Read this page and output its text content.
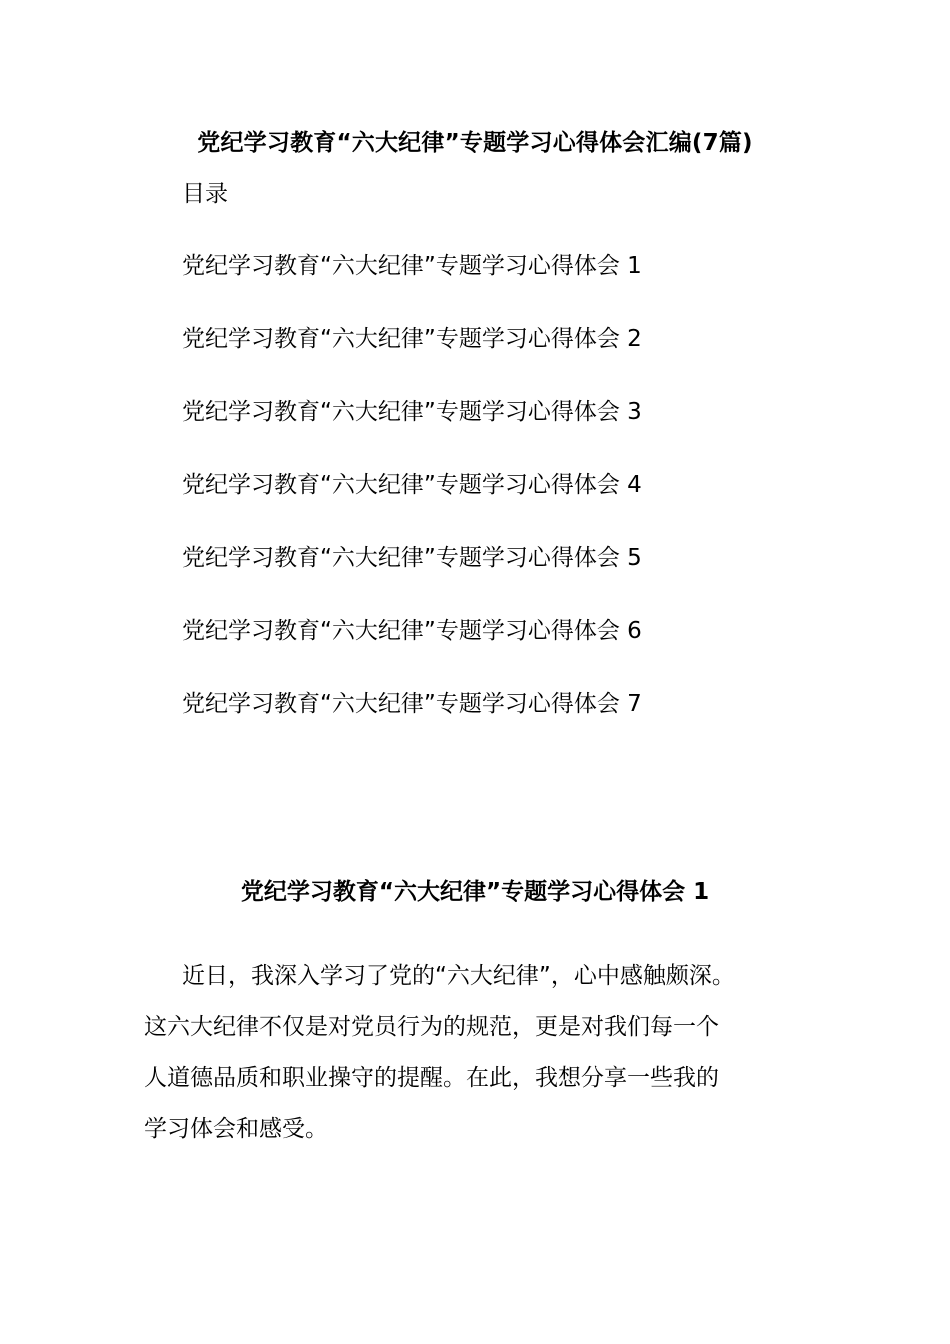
党纪学习教育“六大纪律”专题学习心得体会汇编(7篇)
目录
党纪学习教育“六大纪律”专题学习心得体会 1
党纪学习教育“六大纪律”专题学习心得体会 2
党纪学习教育“六大纪律”专题学习心得体会 3
党纪学习教育“六大纪律”专题学习心得体会 4
党纪学习教育“六大纪律”专题学习心得体会 5
党纪学习教育“六大纪律”专题学习心得体会 6
党纪学习教育“六大纪律”专题学习心得体会 7
党纪学习教育“六大纪律”专题学习心得体会 1
近日，我深入学习了党的“六大纪律”，心中感触颇深。
这六大纪律不仅是对党员行为的规范，更是对我们每一个
人道德品质和职业操守的提醒。在此，我想分享一些我的
学习体会和感受。
